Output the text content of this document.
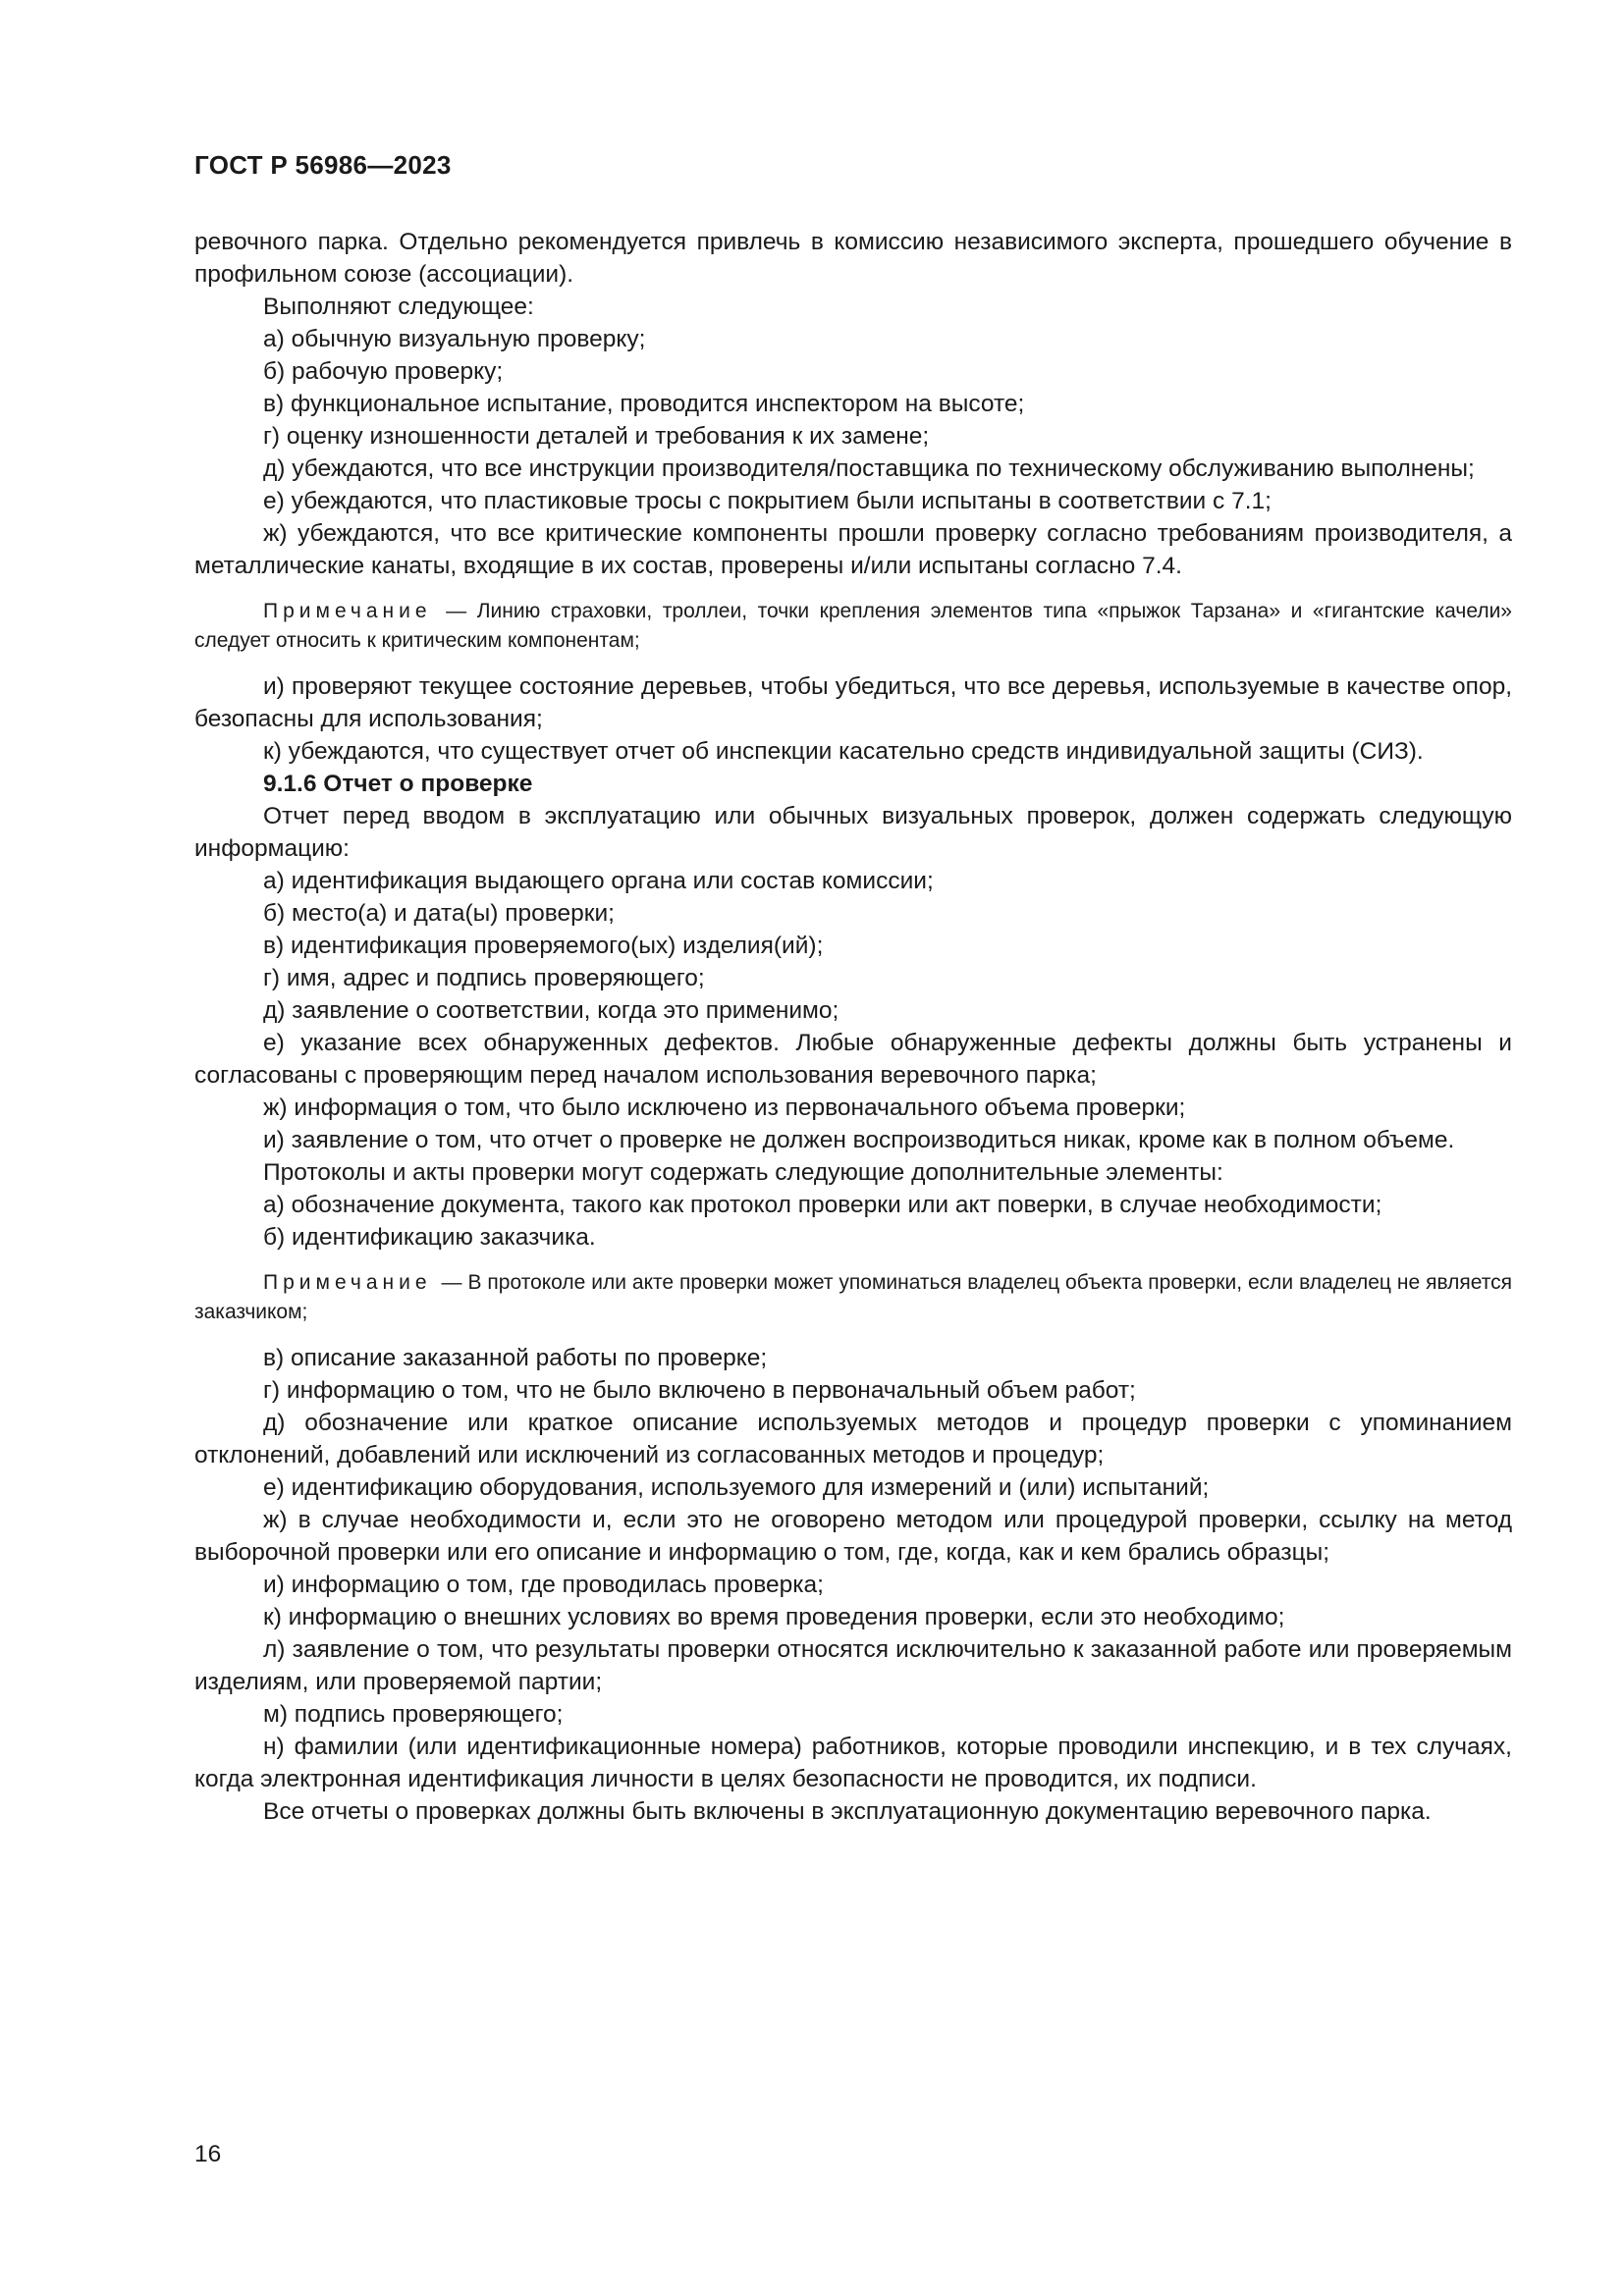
ГОСТ Р 56986—2023

ревочного парка. Отдельно рекомендуется привлечь в комиссию независимого эксперта, прошедшего обучение в профильном союзе (ассоциации).

Выполняют следующее:

а) обычную визуальную проверку;

б) рабочую проверку;

в) функциональное испытание, проводится инспектором на высоте;

г) оценку изношенности деталей и требования к их замене;

д) убеждаются, что все инструкции производителя/поставщика по техническому обслуживанию выполнены;

е) убеждаются, что пластиковые тросы с покрытием были испытаны в соответствии с 7.1;

ж) убеждаются, что все критические компоненты прошли проверку согласно требованиям производителя, а металлические канаты, входящие в их состав, проверены и/или испытаны согласно 7.4.

Примечание — Линию страховки, троллеи, точки крепления элементов типа «прыжок Тарзана» и «гигантские качели» следует относить к критическим компонентам;

и) проверяют текущее состояние деревьев, чтобы убедиться, что все деревья, используемые в качестве опор, безопасны для использования;

к) убеждаются, что существует отчет об инспекции касательно средств индивидуальной защиты (СИЗ).

9.1.6 Отчет о проверке

Отчет перед вводом в эксплуатацию или обычных визуальных проверок, должен содержать следующую информацию:

а) идентификация выдающего органа или состав комиссии;

б) место(а) и дата(ы) проверки;

в) идентификация проверяемого(ых) изделия(ий);

г) имя, адрес и подпись проверяющего;

д) заявление о соответствии, когда это применимо;

е) указание всех обнаруженных дефектов. Любые обнаруженные дефекты должны быть устранены и согласованы с проверяющим перед началом использования веревочного парка;

ж) информация о том, что было исключено из первоначального объема проверки;

и) заявление о том, что отчет о проверке не должен воспроизводиться никак, кроме как в полном объеме.

Протоколы и акты проверки могут содержать следующие дополнительные элементы:

а) обозначение документа, такого как протокол проверки или акт поверки, в случае необходимости;

б) идентификацию заказчика.

Примечание — В протоколе или акте проверки может упоминаться владелец объекта проверки, если владелец не является заказчиком;

в) описание заказанной работы по проверке;

г) информацию о том, что не было включено в первоначальный объем работ;

д) обозначение или краткое описание используемых методов и процедур проверки с упоминанием отклонений, добавлений или исключений из согласованных методов и процедур;

е) идентификацию оборудования, используемого для измерений и (или) испытаний;

ж) в случае необходимости и, если это не оговорено методом или процедурой проверки, ссылку на метод выборочной проверки или его описание и информацию о том, где, когда, как и кем брались образцы;

и) информацию о том, где проводилась проверка;

к) информацию о внешних условиях во время проведения проверки, если это необходимо;

л) заявление о том, что результаты проверки относятся исключительно к заказанной работе или проверяемым изделиям, или проверяемой партии;

м) подпись проверяющего;

н) фамилии (или идентификационные номера) работников, которые проводили инспекцию, и в тех случаях, когда электронная идентификация личности в целях безопасности не проводится, их подписи.

Все отчеты о проверках должны быть включены в эксплуатационную документацию веревочного парка.

16
